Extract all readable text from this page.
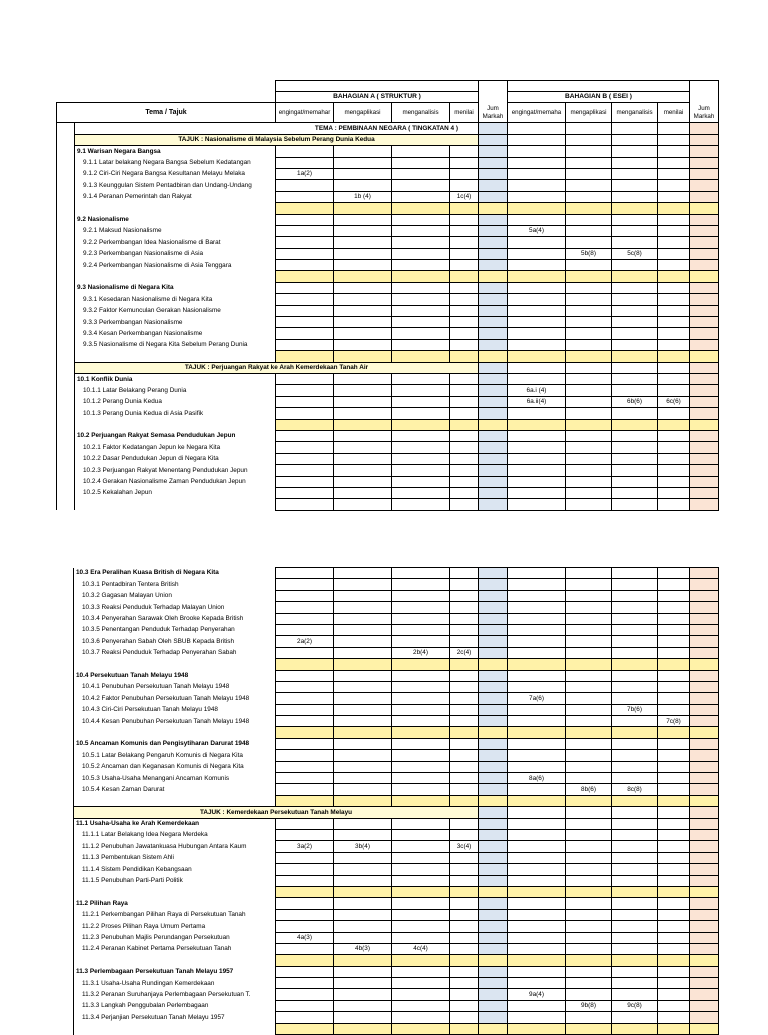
		BAHAGIAN A ( STRUKTUR )					BAHAGIAN B ( ESEI )				
Tema / Tajuk		engingat/memahar	mengaplikasi	menganalisis	menilai	Jum Markah	engingat/memaha	mengaplikasi	menganalisis	menilai	Jum Markah
	TEMA : PEMBINAAN NEGARA ( TINGKATAN 4 )										
	TAJUK : Nasionalisme di Malaysia Sebelum Perang Dunia Kedua										
	9.1 Warisan Negara Bangsa										
	9.1.1 Latar belakang Negara Bangsa Sebelum Kedatangan										
	9.1.2 Ciri-Ciri Negara Bangsa Kesultanan Melayu Melaka	1a(2)									
	9.1.3 Keunggulan Sistem Pentadbiran dan Undang-Undang										
	9.1.4 Peranan Pemerintah dan Rakyat		1b (4)		1c(4)						

	9.2 Nasionalisme										
	9.2.1 Maksud Nasionalisme						5a(4)				
	9.2.2 Perkembangan Idea Nasionalisme di Barat										
	9.2.3 Perkembangan Nasionalisme di Asia							5b(8)	5c(8)		
	9.2.4 Perkembangan Nasionalisme di Asia Tenggara										

	9.3 Nasionalisme di Negara Kita										
	9.3.1 Kesedaran Nasionalisme di Negara Kita										
	9.3.2 Faktor Kemunculan Gerakan Nasionalisme										
	9.3.3 Perkembangan Nasionalisme										
	9.3.4 Kesan Perkembangan Nasionalisme										
	9.3.5 Nasionalisme di Negara Kita Sebelum Perang Dunia										

	TAJUK : Perjuangan Rakyat ke Arah Kemerdekaan Tanah Air										
	10.1 Konflik Dunia										
	10.1.1 Latar Belakang Perang Dunia						6a.i (4)				
	10.1.2 Perang Dunia Kedua						6a.ii(4)		6b(6)	6c(6)	
	10.1.3 Perang Dunia Kedua di Asia Pasifik										

	10.2 Perjuangan Rakyat Semasa Pendudukan Jepun										
	10.2.1 Faktor Kedatangan Jepun ke Negara Kita										
	10.2.2 Dasar Pendudukan Jepun di Negara Kita										
	10.2.3 Perjuangan Rakyat Menentang Pendudukan Jepun										
	10.2.4 Gerakan Nasionalisme Zaman Pendudukan Jepun										
	10.2.5 Kekalahan Jepun										

10.3 Era Peralihan Kuasa British di Negara Kita										
10.3.1 Pentadbiran Tentera British										
10.3.2 Gagasan Malayan Union										
10.3.3 Reaksi Penduduk Terhadap Malayan Union										
10.3.4 Penyerahan Sarawak Oleh Brooke Kepada British										
10.3.5 Penentangan Penduduk Terhadap Penyerahan										
10.3.6 Penyerahan Sabah Oleh SBUB Kepada British	2a(2)									
10.3.7 Reaksi Penduduk Terhadap Penyerahan Sabah			2b(4)	2c(4)						

10.4 Persekutuan Tanah Melayu 1948										
10.4.1 Penubuhan Persekutuan Tanah Melayu 1948										
10.4.2 Faktor Penubuhan Persekutuan Tanah Melayu 1948						7a(6)				
10.4.3 Ciri-Ciri Persekutuan Tanah Melayu 1948								7b(6)		
10.4.4 Kesan Penubuhan Persekutuan Tanah Melayu 1948									7c(8)	

10.5 Ancaman Komunis dan Pengisytiharan Darurat 1948										
10.5.1 Latar Belakang Pengaruh Komunis di Negara Kita										
10.5.2 Ancaman dan Keganasan Komunis di Negara Kita										
10.5.3 Usaha-Usaha Menangani Ancaman Komunis						8a(6)				
10.5.4 Kesan Zaman Darurat							8b(6)	8c(8)		

TAJUK : Kemerdekaan Persekutuan Tanah Melayu										
11.1 Usaha-Usaha ke Arah Kemerdekaan										
11.1.1 Latar Belakang Idea Negara Merdeka										
11.1.2 Penubuhan Jawatankuasa Hubungan Antara Kaum	3a(2)	3b(4)		3c(4)						
11.1.3 Pembentukan Sistem Ahli										
11.1.4 Sistem Pendidikan Kebangsaan										
11.1.5 Penubuhan Parti-Parti Politik										

11.2 Pilihan Raya										
11.2.1 Perkembangan Pilihan Raya di Persekutuan Tanah										
11.2.2 Proses Pilihan Raya Umum Pertama										
11.2.3 Penubuhan Majlis Perundangan Persekutuan	4a(3)									
11.2.4 Peranan Kabinet Pertama Persekutuan Tanah		4b(3)	4c(4)							

11.3 Perlembagaan Persekutuan Tanah Melayu 1957										
11.3.1 Usaha-Usaha Rundingan Kemerdekaan										
11.3.2 Peranan Suruhanjaya Perlembagaan Persekutuan T.						9a(4)				
11.3.3 Langkah Penggubalan Perlembagaan							9b(8)	9c(8)		
11.3.4 Perjanjian Persekutuan Tanah Melayu 1957										
